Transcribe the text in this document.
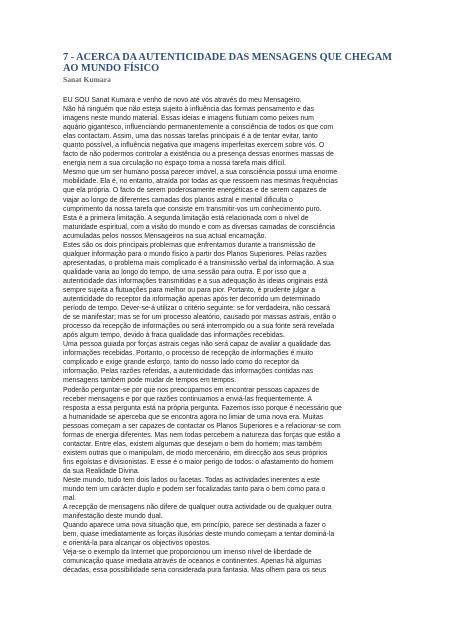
7 - ACERCA DA AUTENTICIDADE DAS MENSAGENS QUE CHEGAM AO MUNDO FÍSICO
Sanat Kumara
EU SOU Sanat Kumara e venho de novo até vós através do meu Mensageiro.
Não há ninguém que não esteja sujeito à influência das formas pensamento e das
imagens neste mundo material. Essas ideias e imagens flutuam como peixes num
aquário gigantesco, influenciando permanentemente a consciência de todos os que com
elas contactam. Assim, uma das nossas tarefas principais é a de tentar evitar, tanto
quanto possível, a influência negativa que imagens imperfeitas exercem sobre vós. O
facto de não podermos controlar a existência ou a presença dessas enormes massas de
energia nem a sua circulação no espaço torna a nossa tarefa mais difícil.
Mesmo que um ser humano possa parecer imóvel, a sua consciência possui uma enorme
mobilidade. Ela é, no entanto, atraída por todas as que ressoem nas mesmas frequências
que ela própria. O facto de serem poderosamente energéticas e de serem capazes de
viajar ao longo de diferentes camadas dos planos astral e mental dificulta o
cumprimento da nossa tarefa que consiste em transmitir-vos um conhecimento puro.
Esta é a primeira limitação. A segunda limitação está relacionada com o nível de
maturidade espiritual, com a visão do mundo e com as diversas camadas de consciência
acumuladas pelos nossos Mensageiros na sua actual encarnação.
Estes são os dois principais problemas que enfrentamos durante a transmissão de
qualquer informação para o mundo físico a partir dos Planos Superiores. Pelas razões
apresentadas, o problema mais complicado é a transmissão verbal da informação. A sua
qualidade varia ao longo do tempo, de uma sessão para outra. É por isso que a
autenticidade das informações transmitidas e a sua adequação às ideias originais está
sempre sujeita a flutuações para melhor ou para pior. Portanto, é prudente julgar a
autenticidade do receptor da informação apenas após ter decorrido um determinado
período de tempo. Dever-se-á utilizar o critério seguinte: se for verdadeira, não cessará
de se manifestar; mas se for um processo aleatório, causado por massas astrais, então o
processo da recepção de informações ou será interrompido ou a sua fonte será revelada
após algum tempo, devido à fraca qualidade das informações recebidas.
Uma pessoa guiada por forças astrais cegas não será capaz de avaliar a qualidade das
informações recebidas. Portanto, o processo de recepção de informações é muito
complicado e exige grande esforço, tanto do nosso lado como do receptor da
informação. Pelas razões referidas, a autenticidade das informações contidas nas
mensagens também pode mudar de tempos em tempos.
Poderão perguntar-se por que nos preocupamos em encontrar pessoas capazes de
receber mensagens e por que razões continuamos a enviá-las frequentemente. A
resposta a essa pergunta está na própria pergunta. Fazemos isso porque é necessário que
a humanidade se aperceba que se encontra agora no limiar de uma nova era. Muitas
pessoas começam a ser capazes de contactar os Planos Superiores e a relacionar-se com
formas de energia diferentes. Mas nem todas percebem a natureza das forças que estão a
contactar. Entre elas, existem algumas que desejam o bem do homem; mas também
existem outras que o manipulam, de modo mercenário, em direcção aos seus próprios
fins egoístas e divisionistas. E esse é o maior perigo de todos: o afastamento do homem
da sua Realidade Divina.
Neste mundo, tudo tem dois lados ou facetas. Todas as actividades inerentes a este
mundo tem um carácter duplo e podem ser focalizadas tanto para o bem como para o
mal.
A recepção de mensagens não difere de qualquer outra actividade ou de qualquer outra
manifestação deste mundo dual.
Quando aparece uma nova situação que, em princípio, parece ser destinada a fazer o
bem, quase imediatamente as forças ilusórias deste mundo começam a tentar dominá-la
e orientá-la para alcançar os objectivos opostos.
Veja-se o exemplo da Internet que proporcionou um imenso nível de liberdade de
comunicação quase imediata através de oceanos e continentes. Apenas há algumas
décadas, essa possibilidade seria considerada pura fantasia. Mas olhem para os seus
